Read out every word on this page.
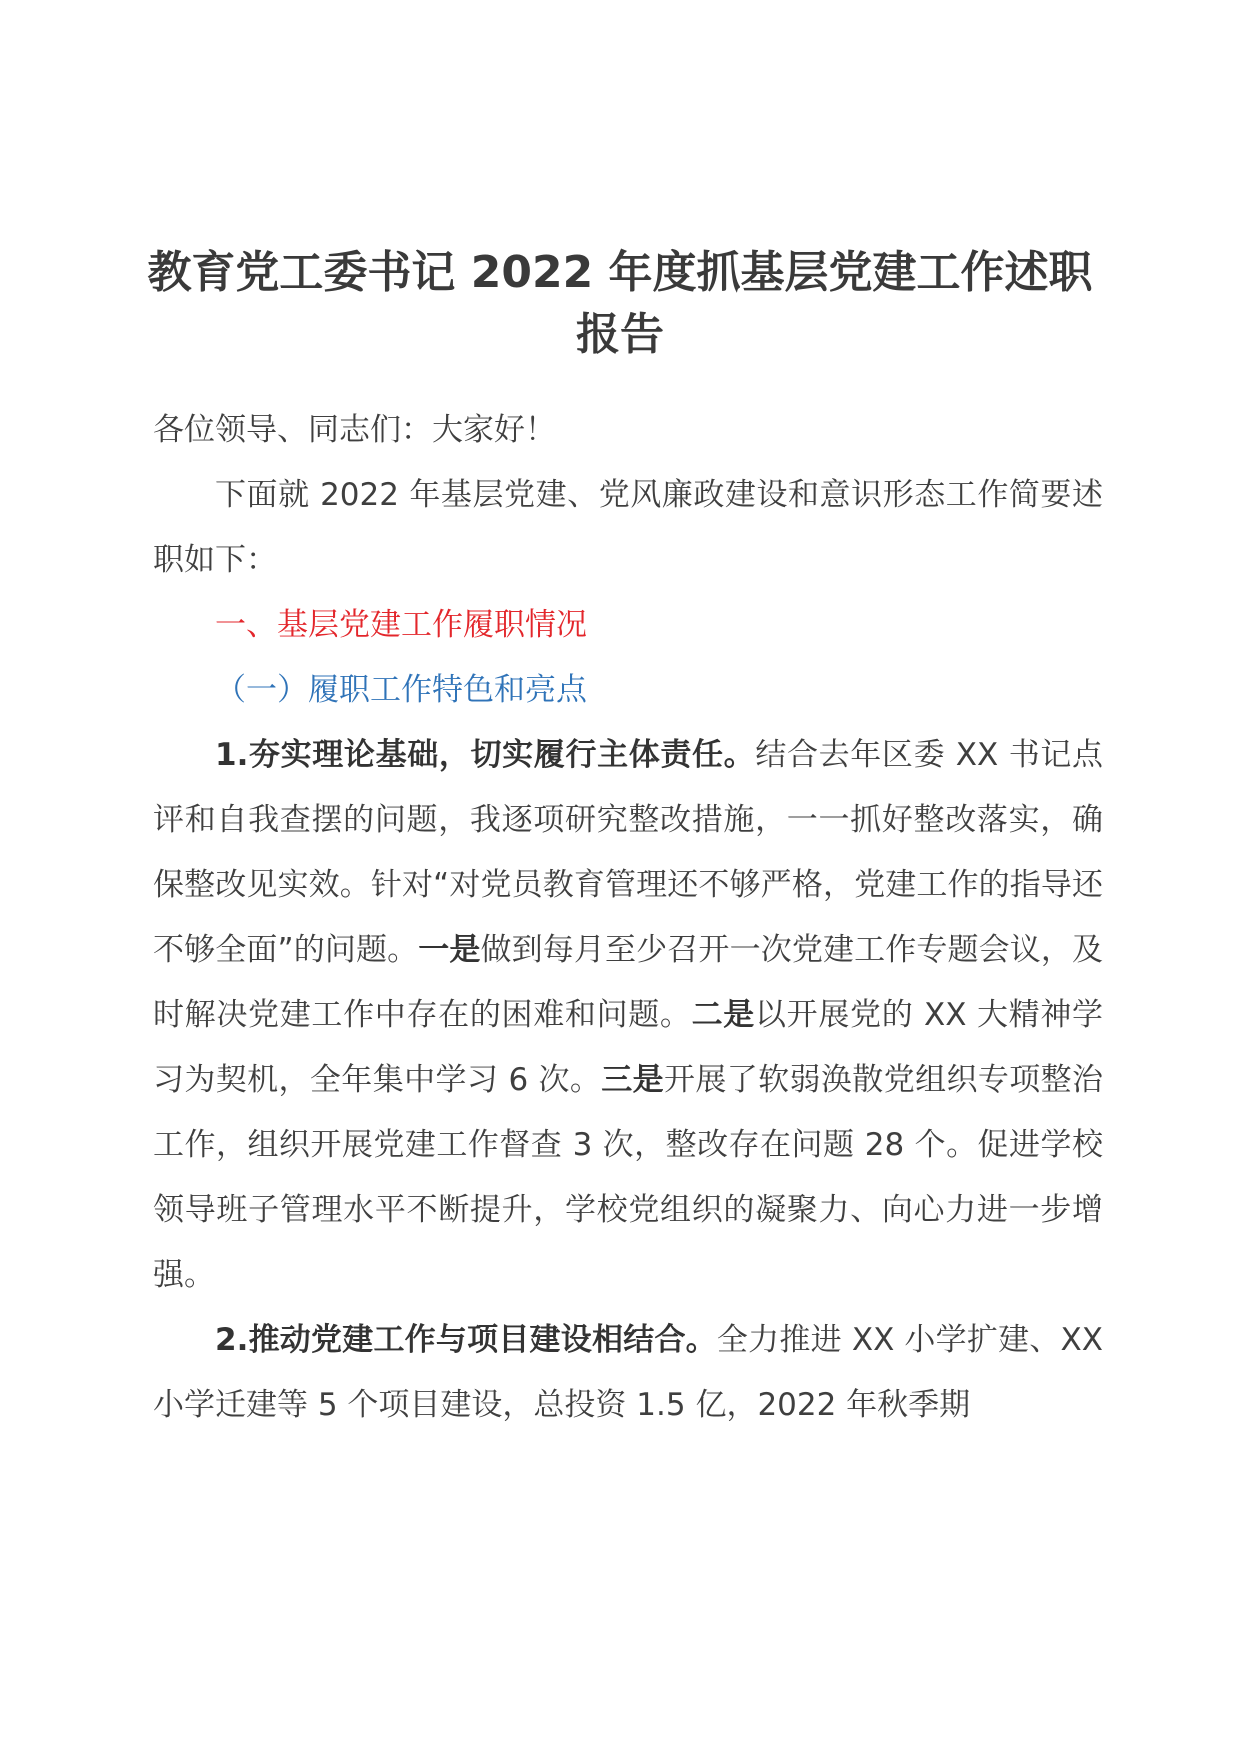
教育党工委书记 2022 年度抓基层党建工作述职报告

各位领导、同志们：大家好！

下面就 2022 年基层党建、党风廉政建设和意识形态工作简要述职如下：

一、基层党建工作履职情况

（一）履职工作特色和亮点

1.夯实理论基础，切实履行主体责任。结合去年区委 XX 书记点评和自我查摆的问题，我逐项研究整改措施，一一抓好整改落实，确保整改见实效。针对“对党员教育管理还不够严格，党建工作的指导还不够全面”的问题。一是做到每月至少召开一次党建工作专题会议，及时解决党建工作中存在的困难和问题。二是以开展党的 XX 大精神学习为契机，全年集中学习 6 次。三是开展了软弱涣散党组织专项整治工作，组织开展党建工作督查 3 次，整改存在问题 28 个。促进学校领导班子管理水平不断提升，学校党组织的凝聚力、向心力进一步增强。

2.推动党建工作与项目建设相结合。全力推进 XX 小学扩建、XX 小学迁建等 5 个项目建设，总投资 1.5 亿，2022 年秋季期
